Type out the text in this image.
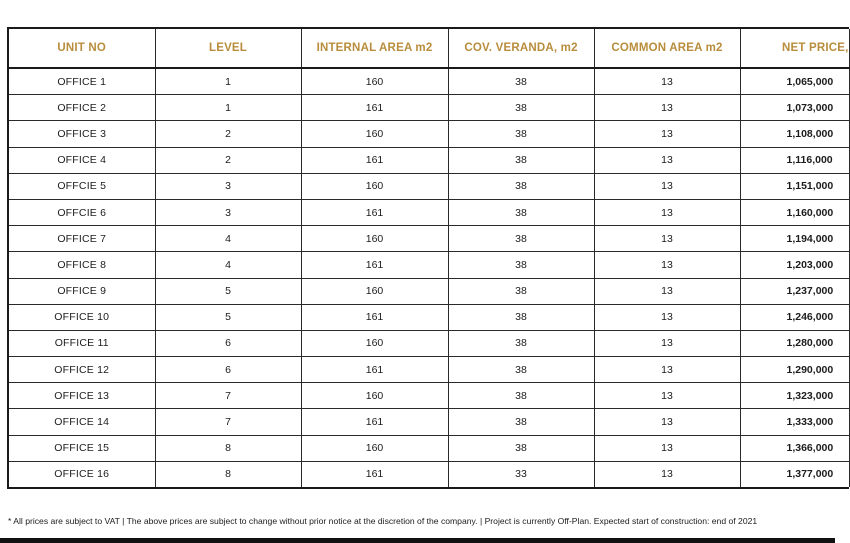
UNIT NO	LEVEL	INTERNAL AREA m2	COV. VERANDA, m2	COMMON AREA m2	NET PRICE,
OFFICE 1	1	160	38	13	1,065,000
OFFICE 2	1	161	38	13	1,073,000
OFFICE 3	2	160	38	13	1,108,000
OFFICE 4	2	161	38	13	1,116,000
OFFCIE 5	3	160	38	13	1,151,000
OFFCIE 6	3	161	38	13	1,160,000
OFFICE 7	4	160	38	13	1,194,000
OFFICE 8	4	161	38	13	1,203,000
OFFICE 9	5	160	38	13	1,237,000
OFFICE 10	5	161	38	13	1,246,000
OFFICE 11	6	160	38	13	1,280,000
OFFICE 12	6	161	38	13	1,290,000
OFFICE 13	7	160	38	13	1,323,000
OFFICE 14	7	161	38	13	1,333,000
OFFICE 15	8	160	38	13	1,366,000
OFFICE 16	8	161	33	13	1,377,000
* All prices are subject to VAT | The above prices are subject to change without prior notice at the discretion of the company. | Project is currently Off-Plan. Expected start of construction: end of 2021
